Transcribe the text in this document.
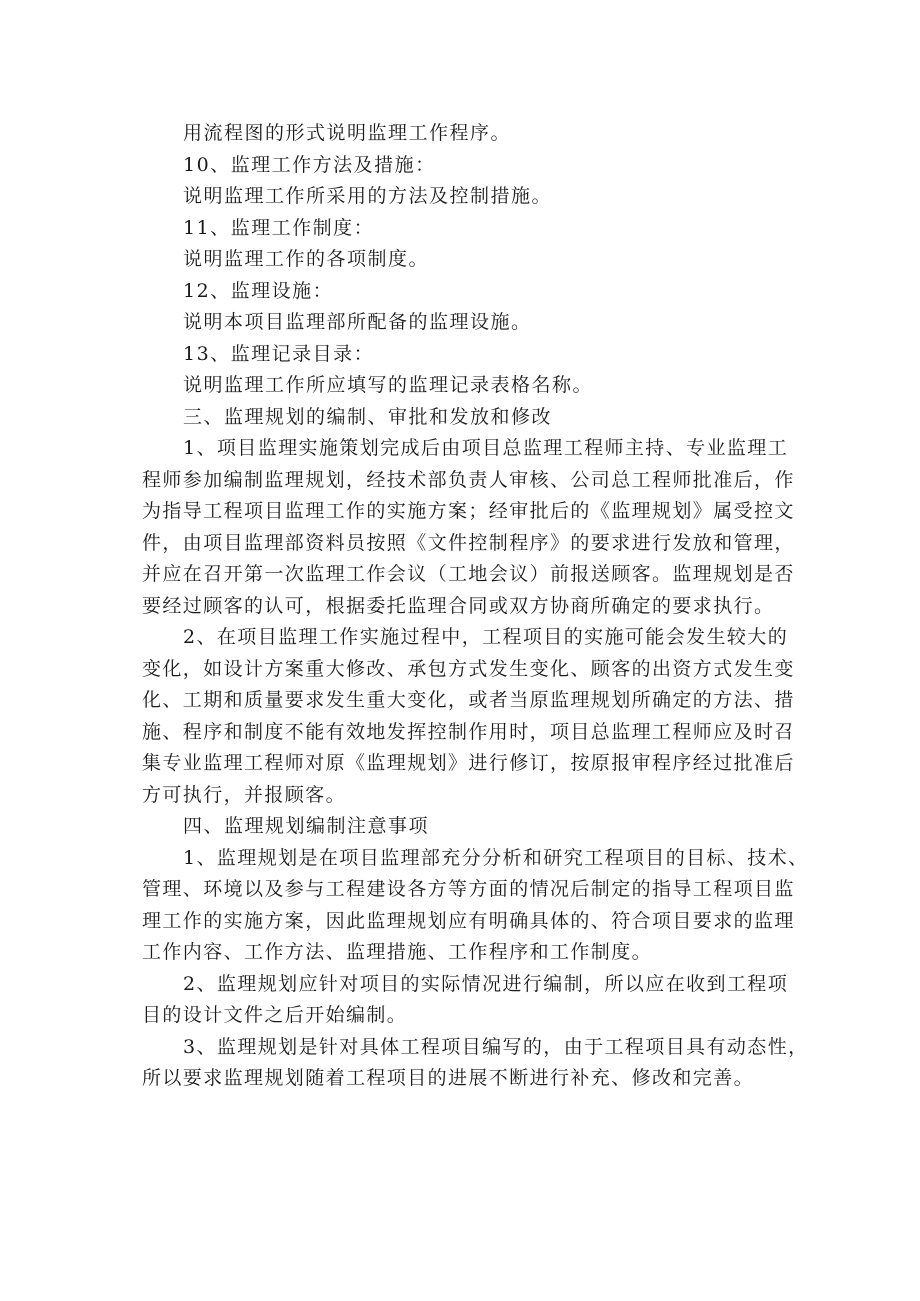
用流程图的形式说明监理工作程序。
10、监理工作方法及措施：
说明监理工作所采用的方法及控制措施。
11、监理工作制度：
说明监理工作的各项制度。
12、监理设施：
说明本项目监理部所配备的监理设施。
13、监理记录目录：
说明监理工作所应填写的监理记录表格名称。
三、监理规划的编制、审批和发放和修改

1、项目监理实施策划完成后由项目总监理工程师主持、专业监理工
程师参加编制监理规划，经技术部负责人审核、公司总工程师批准后，作
为指导工程项目监理工作的实施方案；经审批后的《监理规划》属受控文
件，由项目监理部资料员按照《文件控制程序》的要求进行发放和管理，
并应在召开第一次监理工作会议（工地会议）前报送顾客。监理规划是否
要经过顾客的认可，根据委托监理合同或双方协商所确定的要求执行。

2、在项目监理工作实施过程中，工程项目的实施可能会发生较大的
变化，如设计方案重大修改、承包方式发生变化、顾客的出资方式发生变
化、工期和质量要求发生重大变化，或者当原监理规划所确定的方法、措
施、程序和制度不能有效地发挥控制作用时，项目总监理工程师应及时召
集专业监理工程师对原《监理规划》进行修订，按原报审程序经过批准后
方可执行，并报顾客。

四、监理规划编制注意事项

1、监理规划是在项目监理部充分分析和研究工程项目的目标、技术、
管理、环境以及参与工程建设各方等方面的情况后制定的指导工程项目监
理工作的实施方案，因此监理规划应有明确具体的、符合项目要求的监理
工作内容、工作方法、监理措施、工作程序和工作制度。

2、监理规划应针对项目的实际情况进行编制，所以应在收到工程项
目的设计文件之后开始编制。

3、监理规划是针对具体工程项目编写的，由于工程项目具有动态性，
所以要求监理规划随着工程项目的进展不断进行补充、修改和完善。
